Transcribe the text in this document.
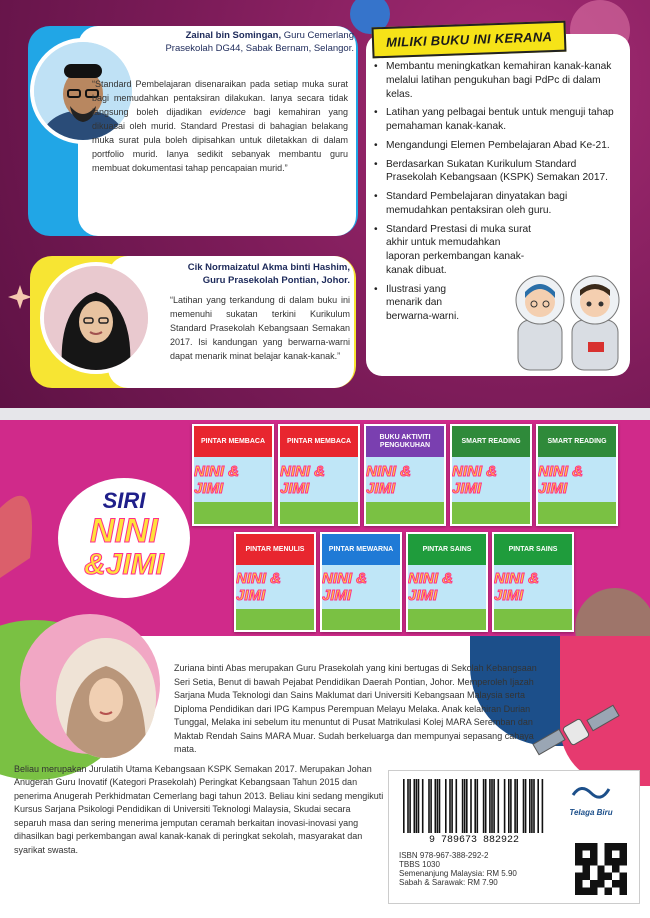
Zainal bin Somingan, Guru Cemerlang Prasekolah DG44, Sabak Bernam, Selangor.
“Standard Pembelajaran disenaraikan pada setiap muka surat bagi memudahkan pentaksiran dilakukan. Ianya secara tidak langsung boleh dijadikan evidence bagi kemahiran yang dikuasai oleh murid. Standard Prestasi di bahagian belakang muka surat pula boleh dipisahkan untuk diletakkan di dalam portfolio murid. Ianya sedikit sebanyak membantu guru membuat dokumentasi tahap pencapaian murid.”
Cik Normaizatul Akma binti Hashim,
Guru Prasekolah Pontian, Johor.
“Latihan yang terkandung di dalam buku ini memenuhi sukatan terkini Kurikulum Standard Prasekolah Kebangsaan Semakan 2017. Isi kandungan yang berwarna-warni dapat menarik minat belajar kanak-kanak.”
MILIKI BUKU INI KERANA
• Membantu meningkatkan kemahiran kanak-kanak melalui latihan pengukuhan bagi PdPc di dalam kelas.
• Latihan yang pelbagai bentuk untuk menguji tahap pemahaman kanak-kanak.
• Mengandungi Elemen Pembelajaran Abad Ke-21.
• Berdasarkan Sukatan Kurikulum Standard Prasekolah Kebangsaan (KSPK) Semakan 2017.
• Standard Pembelajaran dinyatakan bagi memudahkan pentaksiran oleh guru.
• Standard Prestasi di muka surat akhir untuk memudahkan laporan perkembangan kanak-kanak dibuat.
• Ilustrasi yang menarik dan berwarna-warni.
SIRI
NINI
&JIMI
PINTAR MEMBACA
NINI & JIMI
PINTAR MEMBACA
NINI & JIMI
BUKU AKTIVITI PENGUKUHAN
NINI & JIMI
SMART READING
NINI & JIMI
SMART READING
NINI & JIMI
PINTAR MENULIS
NINI & JIMI
PINTAR MEWARNA
NINI & JIMI
PINTAR SAINS
NINI & JIMI
PINTAR SAINS
NINI & JIMI

Zuriana binti Abas merupakan Guru Prasekolah yang kini bertugas di Sekolah Kebangsaan Seri Setia, Benut di bawah Pejabat Pendidikan Daerah Pontian, Johor. Memperoleh Ijazah Sarjana Muda Teknologi dan Sains Maklumat dari Universiti Kebangsaan Malaysia serta Diploma Pendidikan dari IPG Kampus Perempuan Melayu Melaka. Anak kelahiran Durian Tunggal, Melaka ini sebelum itu menuntut di Pusat Matrikulasi Kolej MARA Seremban dan Maktab Rendah Sains MARA Muar. Sudah berkeluarga dan mempunyai sepasang cahaya mata.

Beliau merupakan Jurulatih Utama Kebangsaan KSPK Semakan 2017. Merupakan Johan Anugerah Guru Inovatif (Kategori Prasekolah) Peringkat Kebangsaan Tahun 2015 dan penerima Anugerah Perkhidmatan Cemerlang bagi tahun 2013. Beliau kini sedang mengikuti Kursus Sarjana Psikologi Pendidikan di Universiti Teknologi Malaysia, Skudai secara separuh masa dan sering menerima jemputan ceramah berkaitan inovasi-inovasi yang dihasilkan bagi perkembangan awal kanak-kanak di peringkat sekolah, masyarakat dan syarikat swasta.

9 789673 882922
Telaga Biru
ISBN 978-967-388-292-2
TBBS 1030
Semenanjung Malaysia: RM 5.90
Sabah & Sarawak: RM 7.90
